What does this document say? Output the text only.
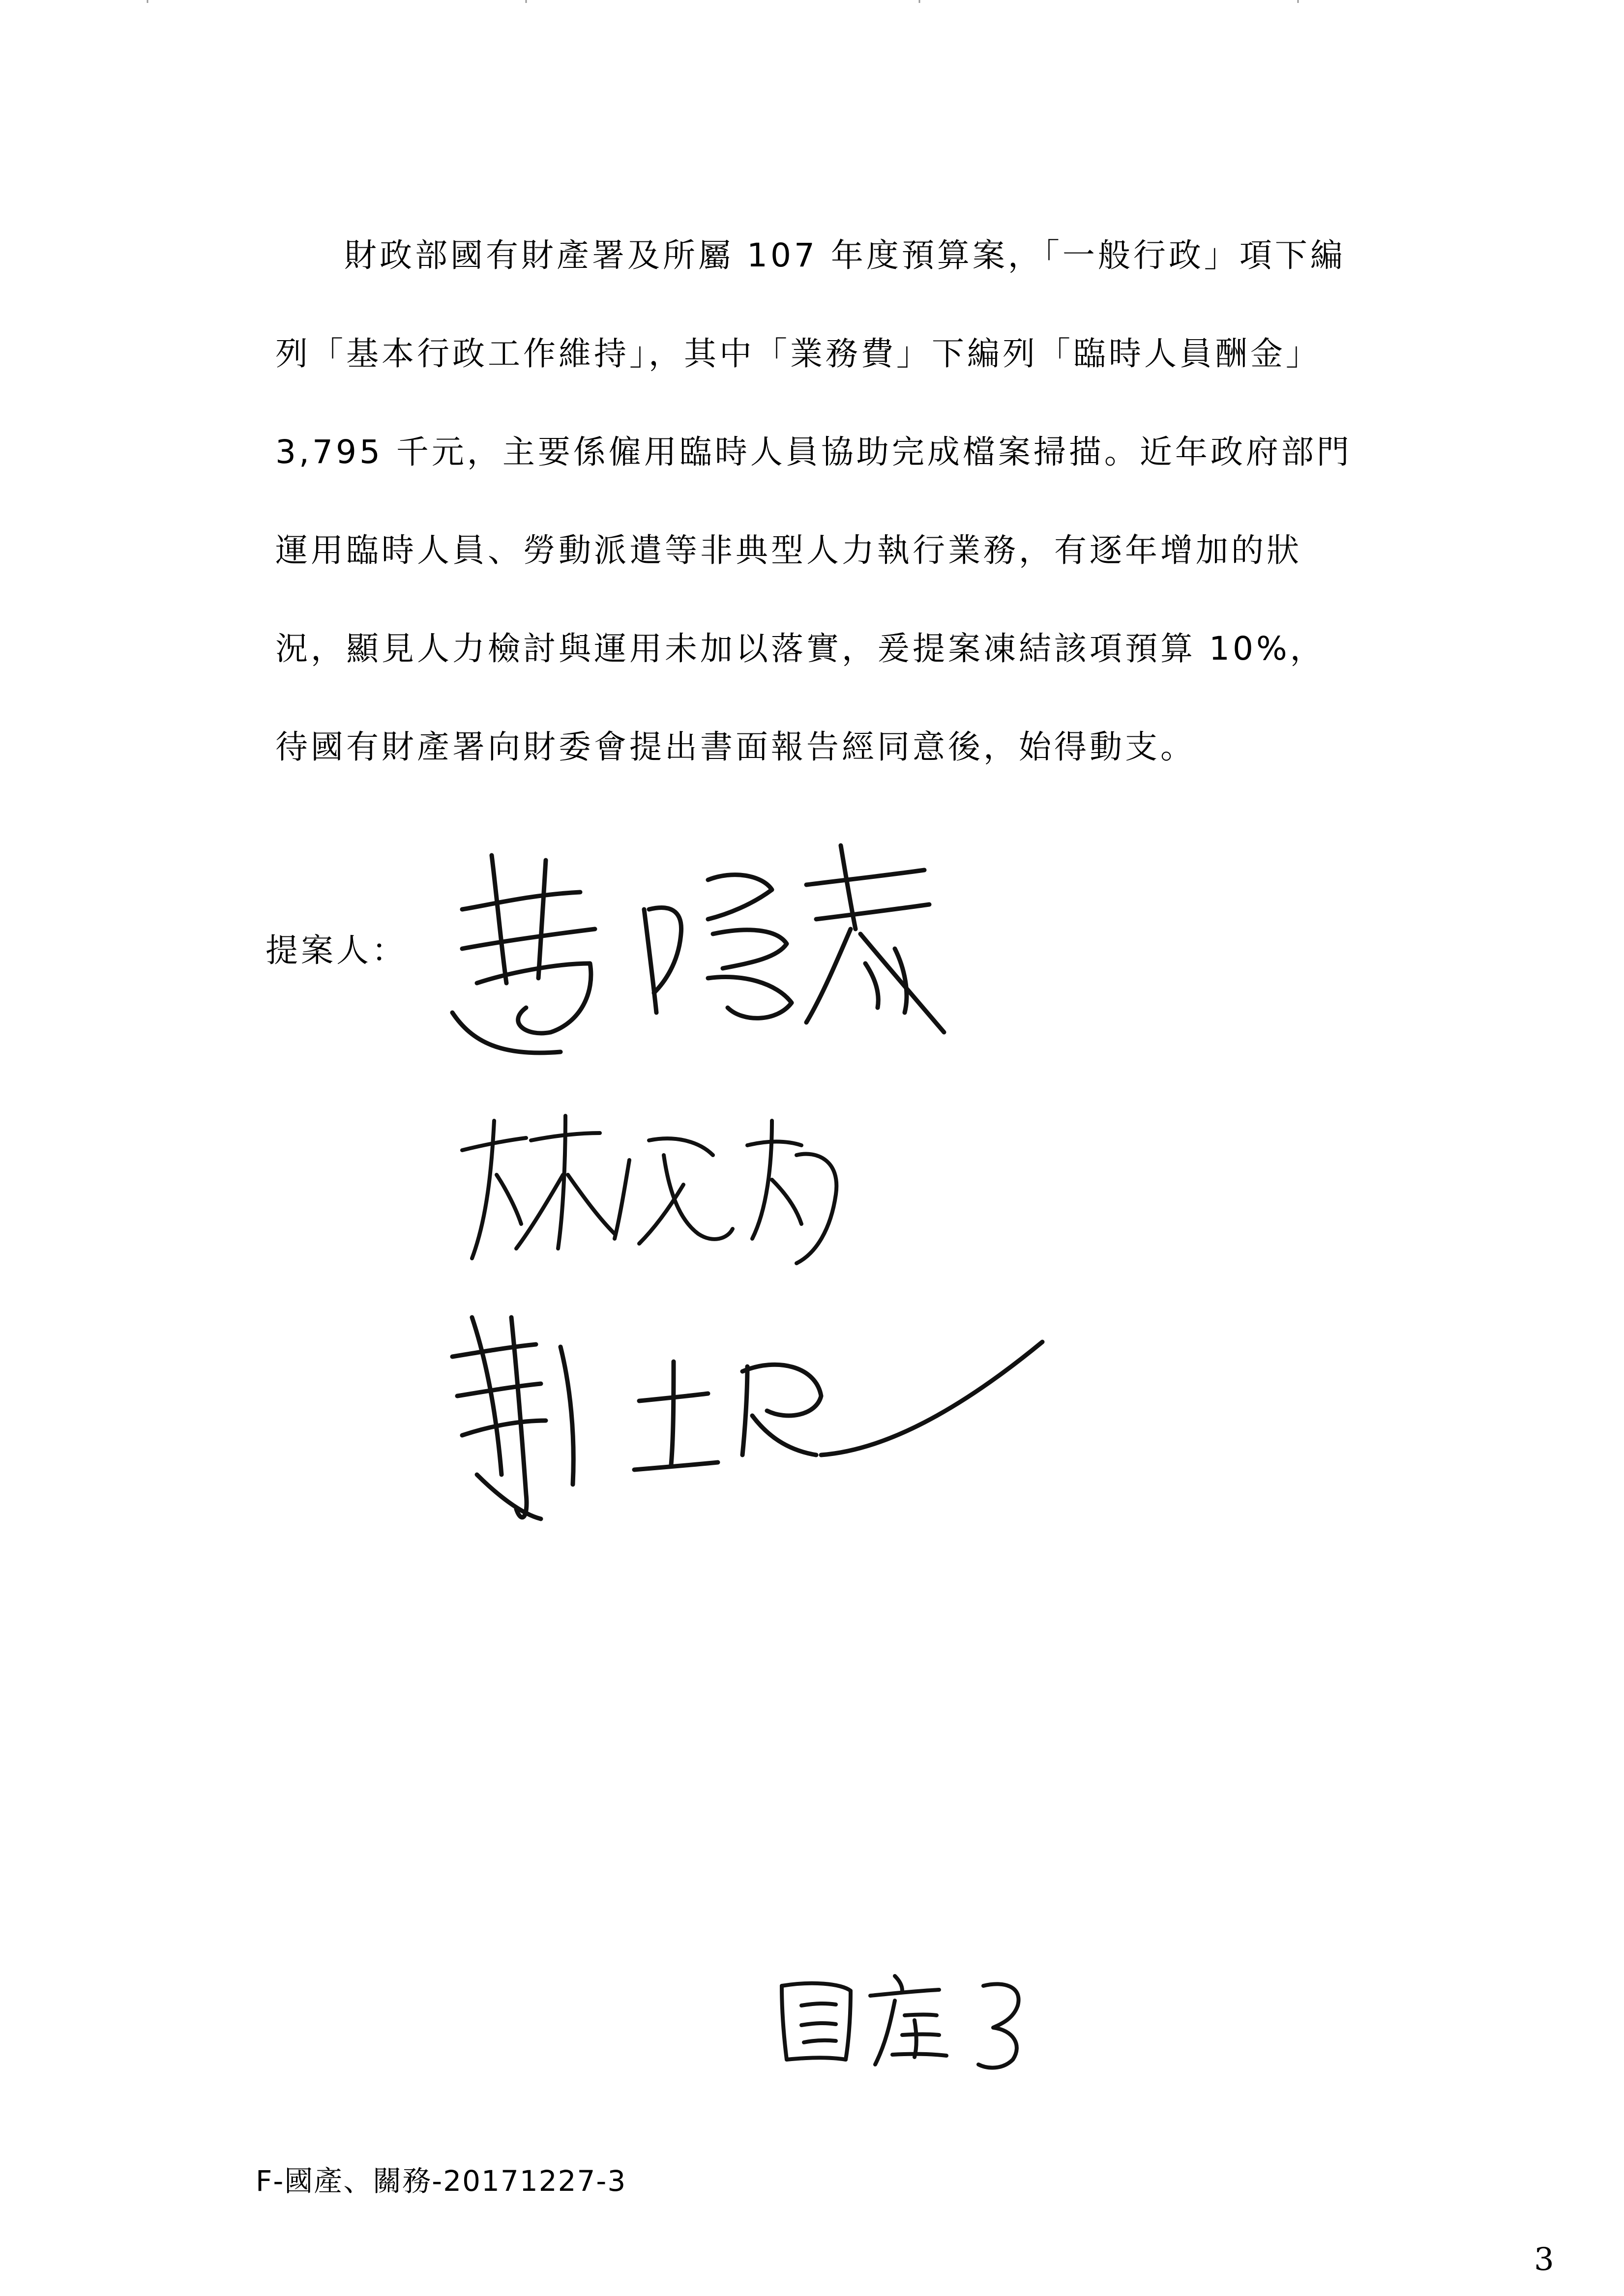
財政部國有財產署及所屬 107 年度預算案，「一般行政」項下編
列「基本行政工作維持」，其中「業務費」下編列「臨時人員酬金」
3,795 千元，主要係僱用臨時人員協助完成檔案掃描。近年政府部門
運用臨時人員、勞動派遣等非典型人力執行業務，有逐年增加的狀
況，顯見人力檢討與運用未加以落實，爰提案凍結該項預算 10%，
待國有財產署向財委會提出書面報告經同意後，始得動支。
提案人：
F-國產、關務-20171227-3
3
